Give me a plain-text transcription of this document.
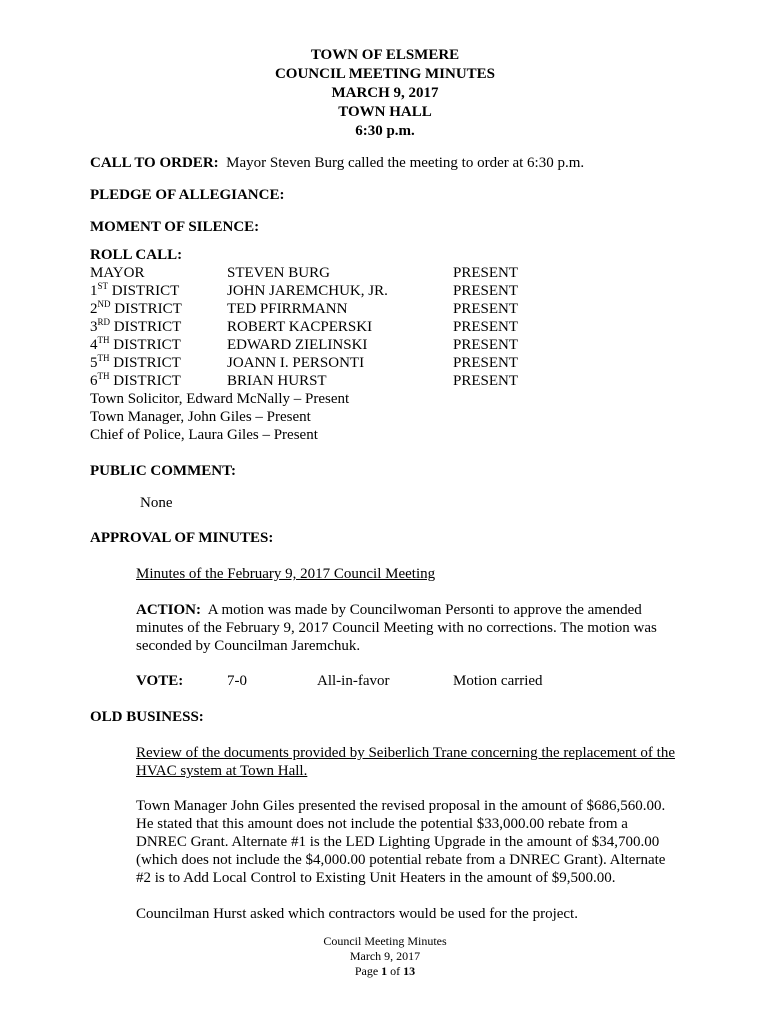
TOWN OF ELSMERE
COUNCIL MEETING MINUTES
MARCH 9, 2017
TOWN HALL
6:30 p.m.
CALL TO ORDER: Mayor Steven Burg called the meeting to order at 6:30 p.m.
PLEDGE OF ALLEGIANCE:
MOMENT OF SILENCE:
ROLL CALL:
MAYOR	STEVEN BURG	PRESENT
1ST DISTRICT	JOHN JAREMCHUK, JR.	PRESENT
2ND DISTRICT	TED PFIRRMANN	PRESENT
3RD DISTRICT	ROBERT KACPERSKI	PRESENT
4TH DISTRICT	EDWARD ZIELINSKI	PRESENT
5TH DISTRICT	JOANN I. PERSONTI	PRESENT
6TH DISTRICT	BRIAN HURST	PRESENT
Town Solicitor, Edward McNally – Present
Town Manager, John Giles – Present
Chief of Police, Laura Giles – Present
PUBLIC COMMENT:
None
APPROVAL OF MINUTES:
Minutes of the February 9, 2017 Council Meeting
ACTION: A motion was made by Councilwoman Personti to approve the amended
minutes of the February 9, 2017 Council Meeting with no corrections. The motion was
seconded by Councilman Jaremchuk.
VOTE:	7-0	All-in-favor	Motion carried
OLD BUSINESS:
Review of the documents provided by Seiberlich Trane concerning the replacement of the
HVAC system at Town Hall.
Town Manager John Giles presented the revised proposal in the amount of $686,560.00.
He stated that this amount does not include the potential $33,000.00 rebate from a
DNREC Grant. Alternate #1 is the LED Lighting Upgrade in the amount of $34,700.00
(which does not include the $4,000.00 potential rebate from a DNREC Grant). Alternate
#2 is to Add Local Control to Existing Unit Heaters in the amount of $9,500.00.
Councilman Hurst asked which contractors would be used for the project.
Council Meeting Minutes
March 9, 2017
Page 1 of 13
